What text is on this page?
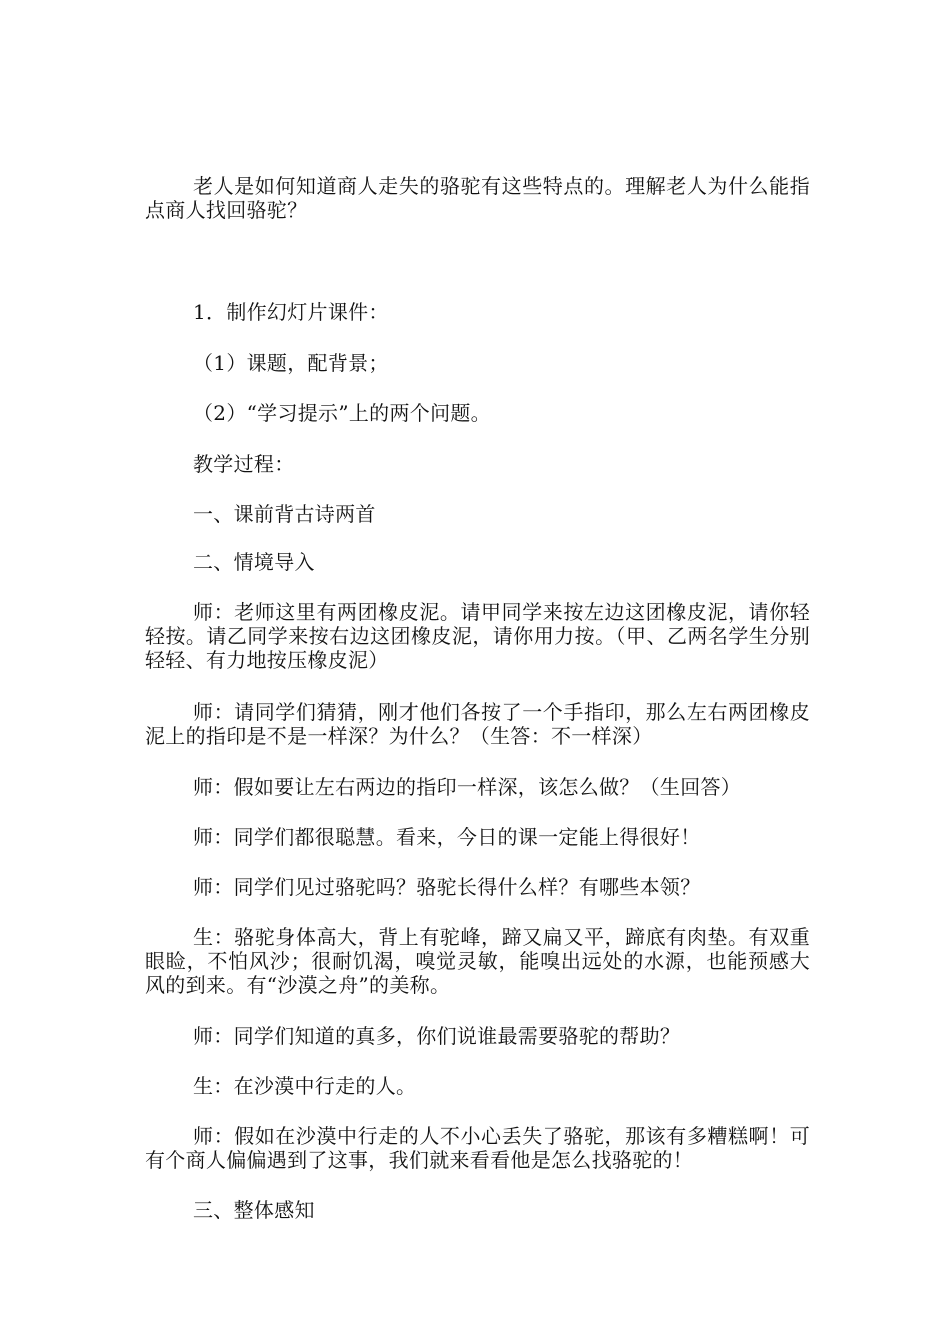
老人是如何知道商人走失的骆驼有这些特点的。理解老人为什么能指点商人找回骆驼？

1．制作幻灯片课件：

（1）课题，配背景；

（2）“学习提示”上的两个问题。

教学过程：

一、课前背古诗两首

二、情境导入

师：老师这里有两团橡皮泥。请甲同学来按左边这团橡皮泥，请你轻轻按。请乙同学来按右边这团橡皮泥，请你用力按。（甲、乙两名学生分别轻轻、有力地按压橡皮泥）

师：请同学们猜猜，刚才他们各按了一个手指印，那么左右两团橡皮泥上的指印是不是一样深？为什么？（生答：不一样深）

师：假如要让左右两边的指印一样深，该怎么做？（生回答）

师：同学们都很聪慧。看来，今日的课一定能上得很好！

师：同学们见过骆驼吗？骆驼长得什么样？有哪些本领？

生：骆驼身体高大，背上有驼峰，蹄又扁又平，蹄底有肉垫。有双重眼睑，不怕风沙；很耐饥渴，嗅觉灵敏，能嗅出远处的水源，也能预感大风的到来。有“沙漠之舟”的美称。

师：同学们知道的真多，你们说谁最需要骆驼的帮助？

生：在沙漠中行走的人。

师：假如在沙漠中行走的人不小心丢失了骆驼，那该有多糟糕啊！可有个商人偏偏遇到了这事，我们就来看看他是怎么找骆驼的！

三、整体感知
